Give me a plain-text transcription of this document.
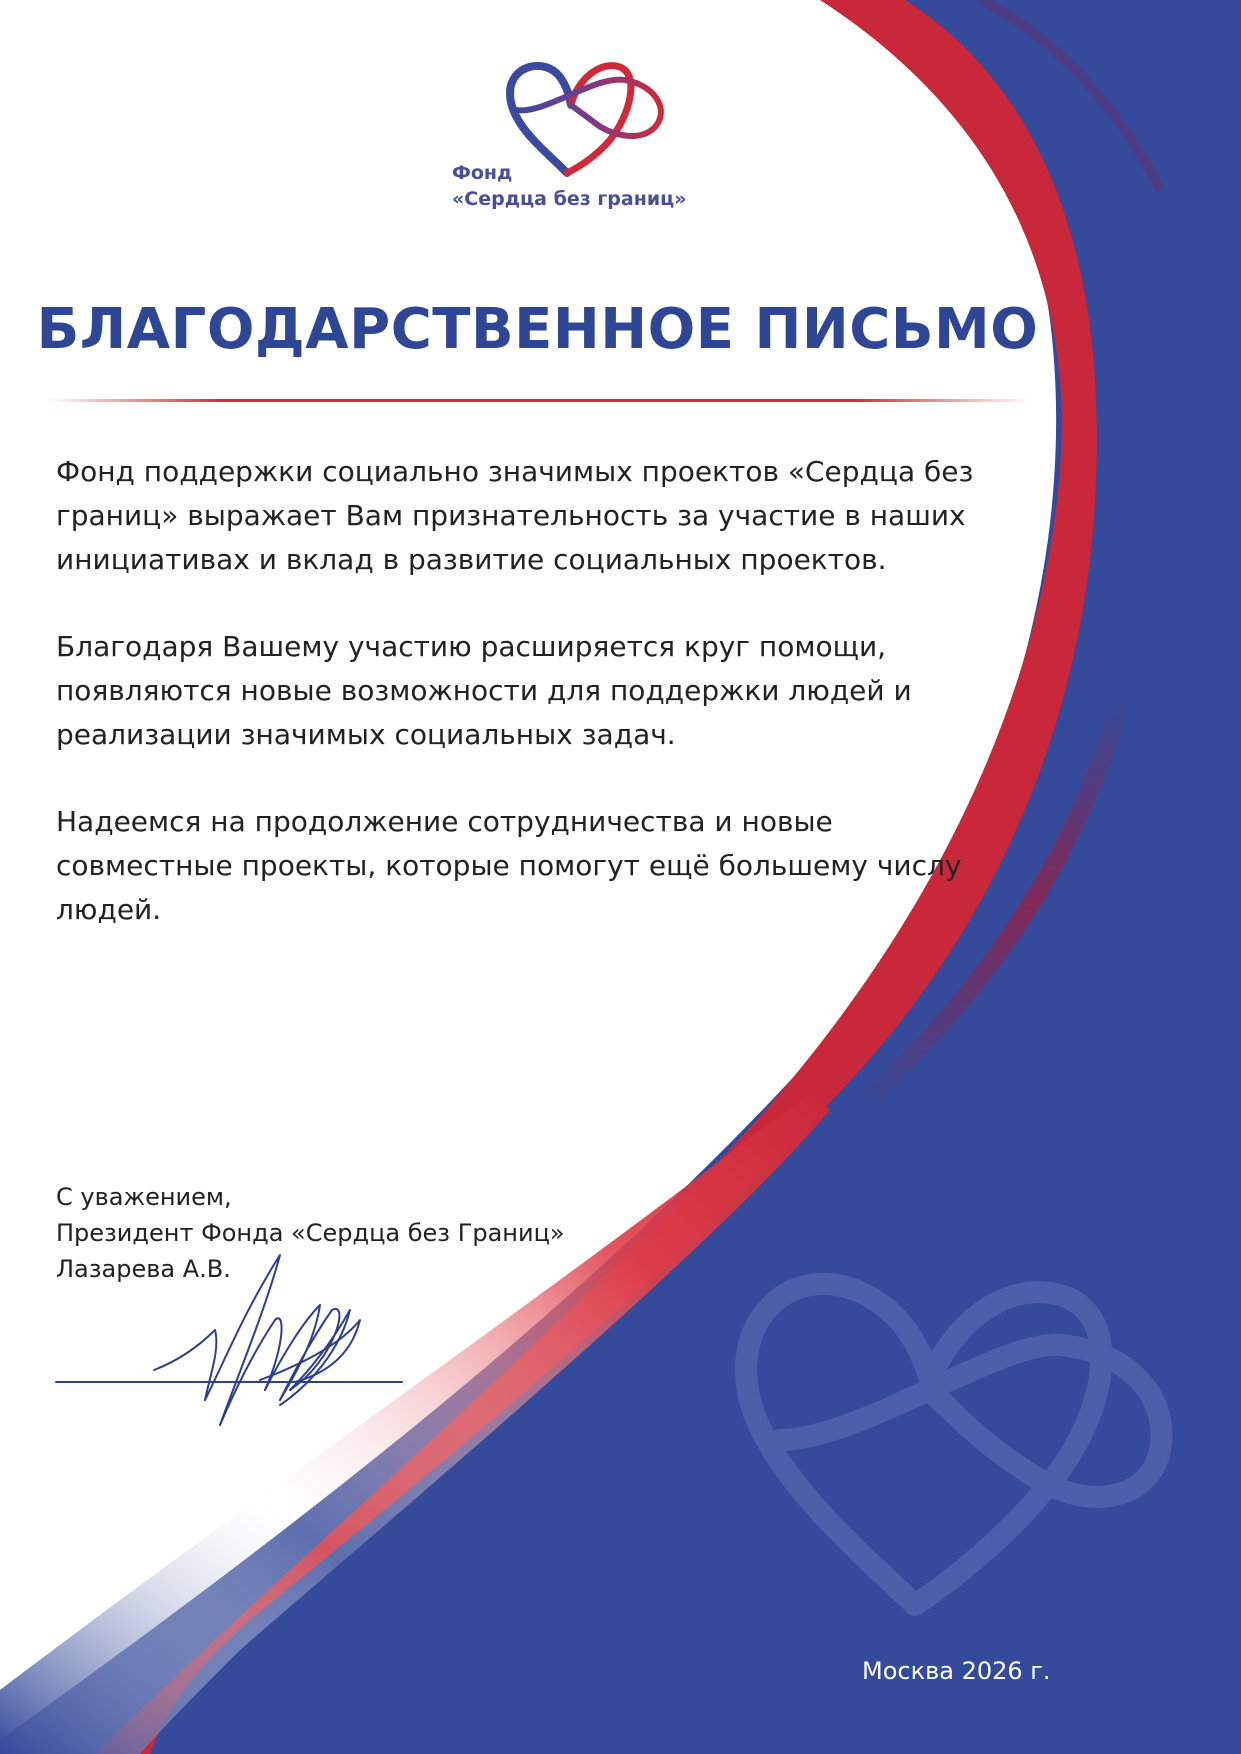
Фонд
«Сердца без границ»
БЛАГОДАРСТВЕННОЕ ПИСЬМО

Фонд поддержки социально значимых проектов «Сердца без границ» выражает Вам признательность за участие в наших инициативах и вклад в развитие социальных проектов.

Благодаря Вашему участию расширяется круг помощи, появляются новые возможности для поддержки людей и реализации значимых социальных задач.

Надеемся на продолжение сотрудничества и новые совместные проекты, которые помогут ещё большему числу людей.

С уважением,
Президент Фонда «Сердца без Границ»
Лазарева А.В.
Москва 2026 г.
